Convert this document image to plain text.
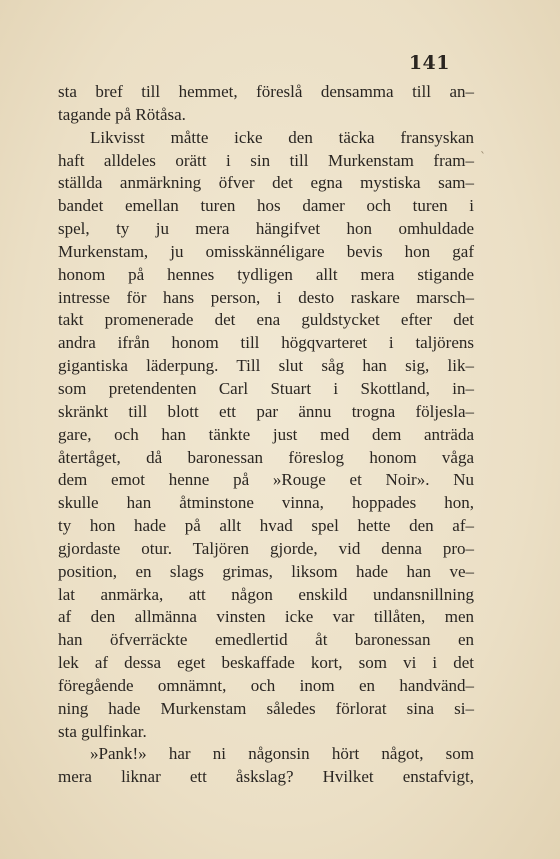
141
sta bref till hemmet, föreslå densamma till an–
tagande på Rötåsa.
Likvisst måtte icke den täcka fransyskan
haft alldeles orätt i sin till Murkenstam fram–
ställda anmärkning öfver det egna mystiska sam–
bandet emellan turen hos damer och turen i
spel, ty ju mera hängifvet hon omhuldade
Murkenstam, ju omisskännéligare bevis hon gaf
honom på hennes tydligen allt mera stigande
intresse för hans person, i desto raskare marsch–
takt promenerade det ena guldstycket efter det
andra ifrån honom till högqvarteret i taljörens
gigantiska läderpung. Till slut såg han sig, lik–
som pretendenten Carl Stuart i Skottland, in–
skränkt till blott ett par ännu trogna följesla–
gare, och han tänkte just med dem anträda
återtåget, då baronessan föreslog honom våga
dem emot henne på »Rouge et Noir». Nu
skulle han åtminstone vinna, hoppades hon,
ty hon hade på allt hvad spel hette den af–
gjordaste otur. Taljören gjorde, vid denna pro–
position, en slags grimas, liksom hade han ve–
lat anmärka, att någon enskild undansnillning
af den allmänna vinsten icke var tillåten, men
han öfverräckte emedlertid åt baronessan en
lek af dessa eget beskaffade kort, som vi i det
föregående omnämnt, och inom en handvänd–
ning hade Murkenstam således förlorat sina si–
sta gulfinkar.
»Pank!» har ni någonsin hört något, som
mera liknar ett åskslag? Hvilket enstafvigt,
ˋ
